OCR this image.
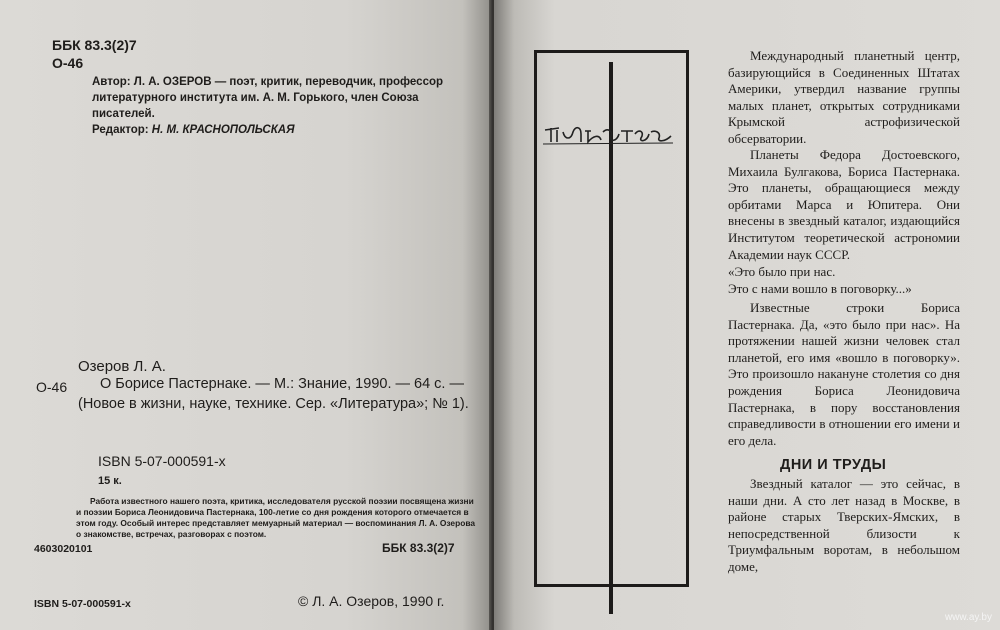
ББК 83.3(2)7
О-46
Автор: Л. А. ОЗЕРОВ — поэт, критик, переводчик, профессор литературного института им. А. М. Горького, член Союза писателей.
Редактор: Н. М. КРАСНОПОЛЬСКАЯ
Озеров Л. А.
О-46	О Борисе Пастернаке. — М.: Знание, 1990. — 64 с. — (Новое в жизни, науке, технике. Сер. «Литература»; № 1).
ISBN 5-07-000591-х
15 к.
Работа известного нашего поэта, критика, исследователя русской поэзии посвящена жизни и поэзии Бориса Леонидовича Пастернака, 100-летие со дня рождения которого отмечается в этом году. Особый интерес представляет мемуарный материал — воспоминания Л. А. Озерова о знакомстве, встречах, разговорах с поэтом.
4603020101	ББК 83.3(2)7
ISBN 5-07-000591-х	© Л. А. Озеров, 1990 г.

Международный планетный центр, базирующийся в Соединенных Штатах Америки, утвердил название группы малых планет, открытых сотрудниками Крымской астрофизической обсерватории.

Планеты Федора Достоевского, Михаила Булгакова, Бориса Пастернака. Это планеты, обращающиеся между орбитами Марса и Юпитера. Они внесены в звездный каталог, издающийся Институтом теоретической астрономии Академии наук СССР.

«Это было при нас.

Это с нами вошло в поговорку...»

Известные строки Бориса Пастернака. Да, «это было при нас». На протяжении нашей жизни человек стал планетой, его имя «вошло в поговорку». Это произошло накануне столетия со дня рождения Бориса Леонидовича Пастернака, в пору восстановления справедливости в отношении его имени и его дела.

ДНИ И ТРУДЫ

Звездный каталог — это сейчас, в наши дни. А сто лет назад в Москве, в районе старых Тверских-Ямских, в непосредственной близости к Триумфальным воротам, в небольшом доме,

www.ay.by
